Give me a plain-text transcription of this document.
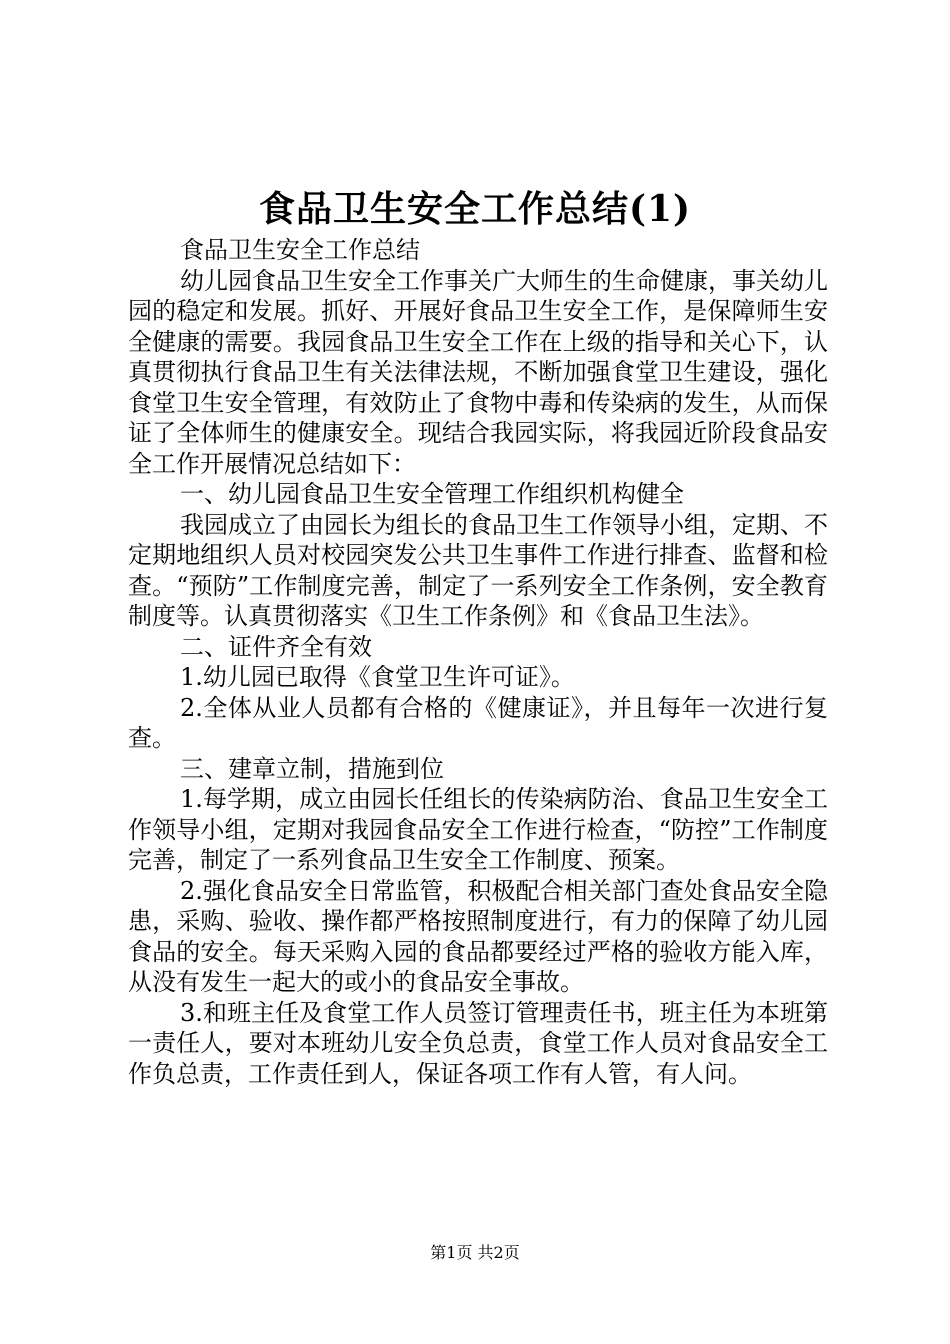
食品卫生安全工作总结(1)

食品卫生安全工作总结

幼儿园食品卫生安全工作事关广大师生的生命健康，事关幼儿园的稳定和发展。抓好、开展好食品卫生安全工作，是保障师生安全健康的需要。我园食品卫生安全工作在上级的指导和关心下，认真贯彻执行食品卫生有关法律法规，不断加强食堂卫生建设，强化食堂卫生安全管理，有效防止了食物中毒和传染病的发生，从而保证了全体师生的健康安全。现结合我园实际，将我园近阶段食品安全工作开展情况总结如下：

一、幼儿园食品卫生安全管理工作组织机构健全

我园成立了由园长为组长的食品卫生工作领导小组，定期、不定期地组织人员对校园突发公共卫生事件工作进行排查、监督和检查。“预防”工作制度完善，制定了一系列安全工作条例，安全教育制度等。认真贯彻落实《卫生工作条例》和《食品卫生法》。

二、证件齐全有效

1.幼儿园已取得《食堂卫生许可证》。

2.全体从业人员都有合格的《健康证》，并且每年一次进行复查。

三、建章立制，措施到位

1.每学期，成立由园长任组长的传染病防治、食品卫生安全工作领导小组，定期对我园食品安全工作进行检查，“防控”工作制度完善，制定了一系列食品卫生安全工作制度、预案。

2.强化食品安全日常监管，积极配合相关部门查处食品安全隐患，采购、验收、操作都严格按照制度进行，有力的保障了幼儿园食品的安全。每天采购入园的食品都要经过严格的验收方能入库，从没有发生一起大的或小的食品安全事故。

3.和班主任及食堂工作人员签订管理责任书，班主任为本班第一责任人，要对本班幼儿安全负总责，食堂工作人员对食品安全工作负总责，工作责任到人，保证各项工作有人管，有人问。

第1页 共2页
